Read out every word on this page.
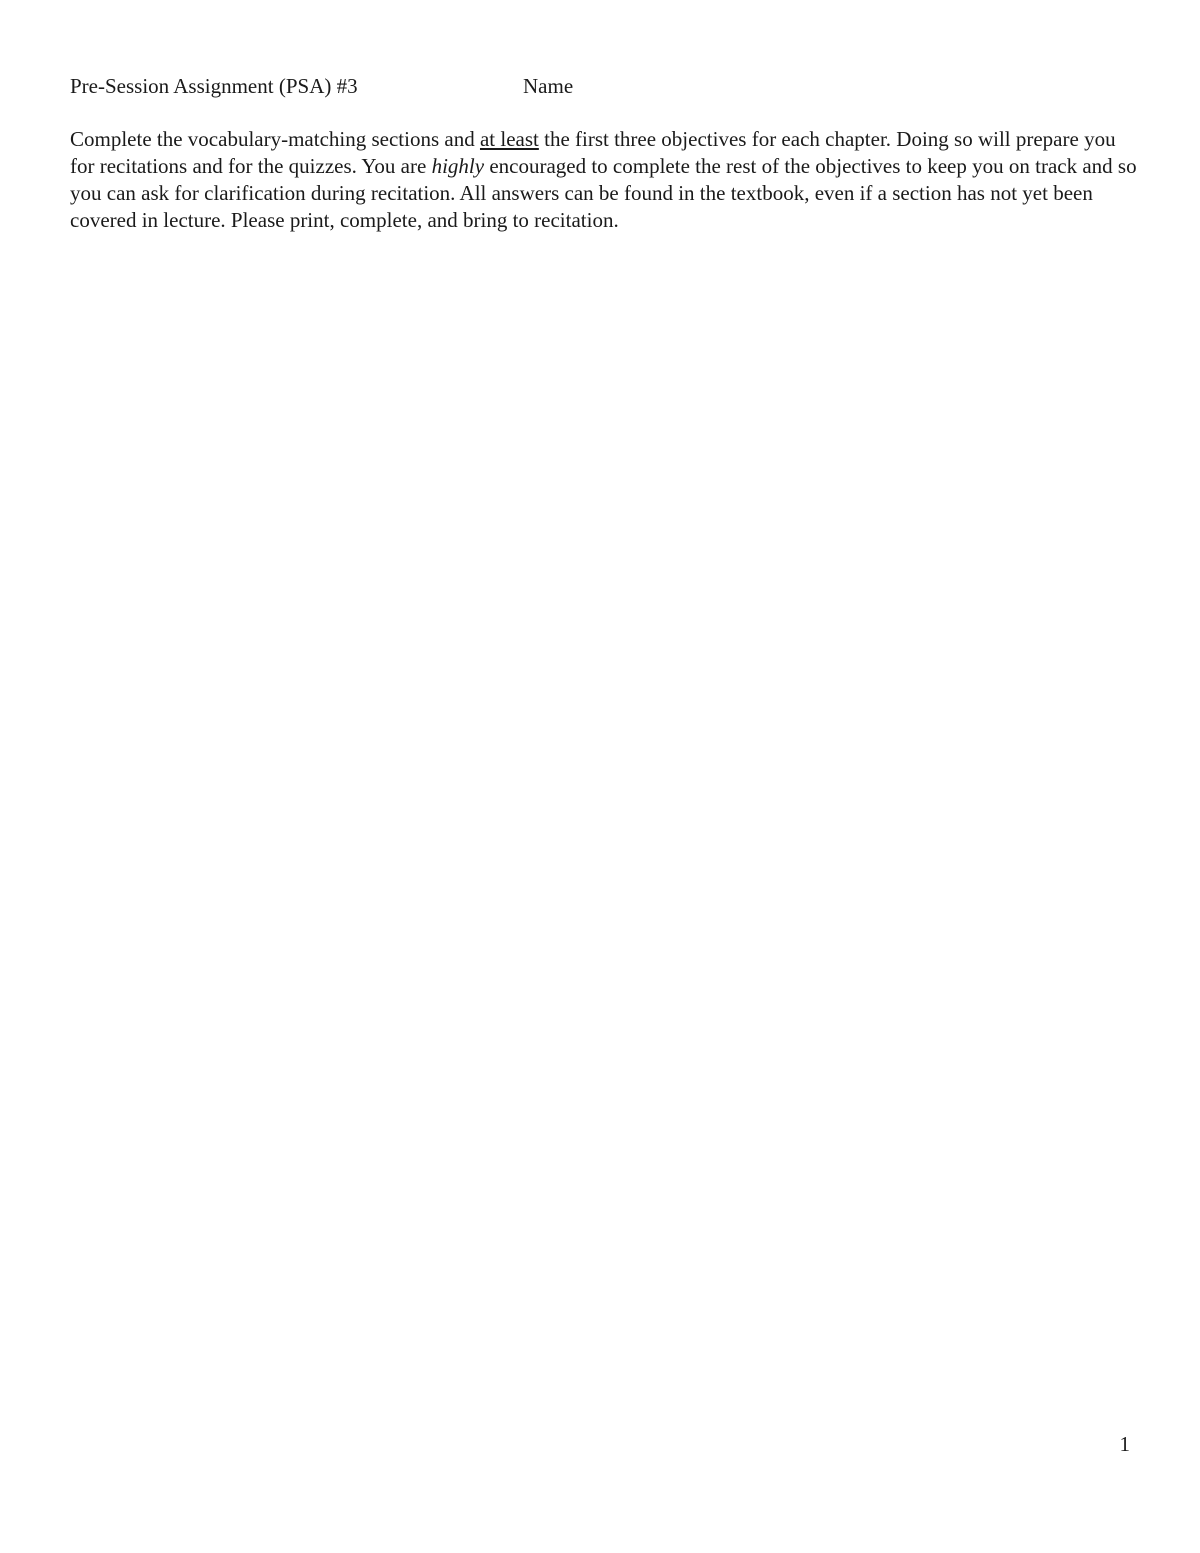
Pre-Session Assignment (PSA) #3	Name

Complete the vocabulary-matching sections and at least the first three objectives for each chapter. Doing so will prepare you for recitations and for the quizzes. You are highly encouraged to complete the rest of the objectives to keep you on track and so you can ask for clarification during recitation. All answers can be found in the textbook, even if a section has not yet been covered in lecture. Please print, complete, and bring to recitation.

1
